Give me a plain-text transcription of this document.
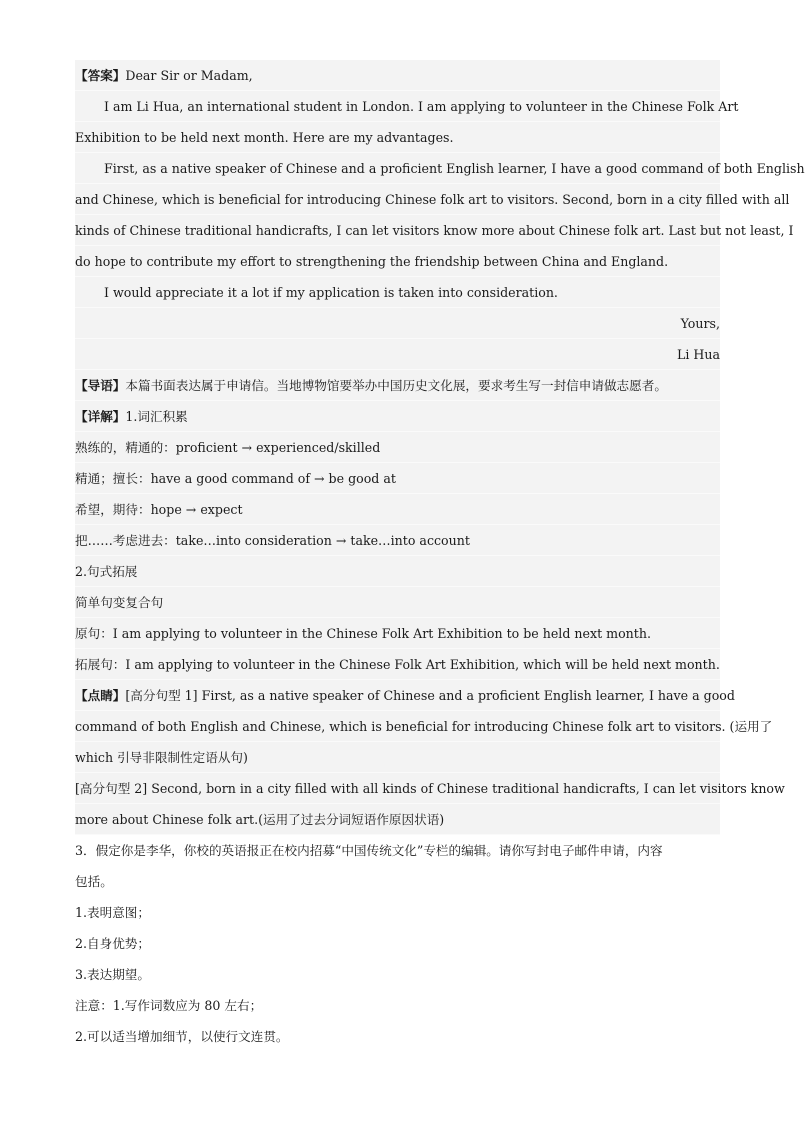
【答案】Dear Sir or Madam,
I am Li Hua, an international student in London. I am applying to volunteer in the Chinese Folk Art
Exhibition to be held next month. Here are my advantages.
First, as a native speaker of Chinese and a proficient English learner, I have a good command of both English
and Chinese, which is beneficial for introducing Chinese folk art to visitors. Second, born in a city filled with all
kinds of Chinese traditional handicrafts, I can let visitors know more about Chinese folk art. Last but not least, I
do hope to contribute my effort to strengthening the friendship between China and England.
I would appreciate it a lot if my application is taken into consideration.
Yours,
Li Hua
【导语】本篇书面表达属于申请信。当地博物馆要举办中国历史文化展，要求考生写一封信申请做志愿者。
【详解】1.词汇积累
熟练的，精通的：proficient → experienced/skilled
精通；擅长：have a good command of → be good at
希望，期待：hope → expect
把……考虑进去：take…into consideration → take…into account
2.句式拓展
简单句变复合句
原句：I am applying to volunteer in the Chinese Folk Art Exhibition to be held next month.
拓展句：I am applying to volunteer in the Chinese Folk Art Exhibition, which will be held next month.
【点睛】[高分句型 1] First, as a native speaker of Chinese and a proficient English learner, I have a good
command of both English and Chinese, which is beneficial for introducing Chinese folk art to visitors. (运用了
which 引导非限制性定语从句)
[高分句型 2] Second, born in a city filled with all kinds of Chinese traditional handicrafts, I can let visitors know
more about Chinese folk art.(运用了过去分词短语作原因状语)
3．假定你是李华，你校的英语报正在校内招募“中国传统文化”专栏的编辑。请你写封电子邮件申请，内容
包括。
1.表明意图；
2.自身优势；
3.表达期望。
注意：1.写作词数应为 80 左右；
2.可以适当增加细节，以使行文连贯。
